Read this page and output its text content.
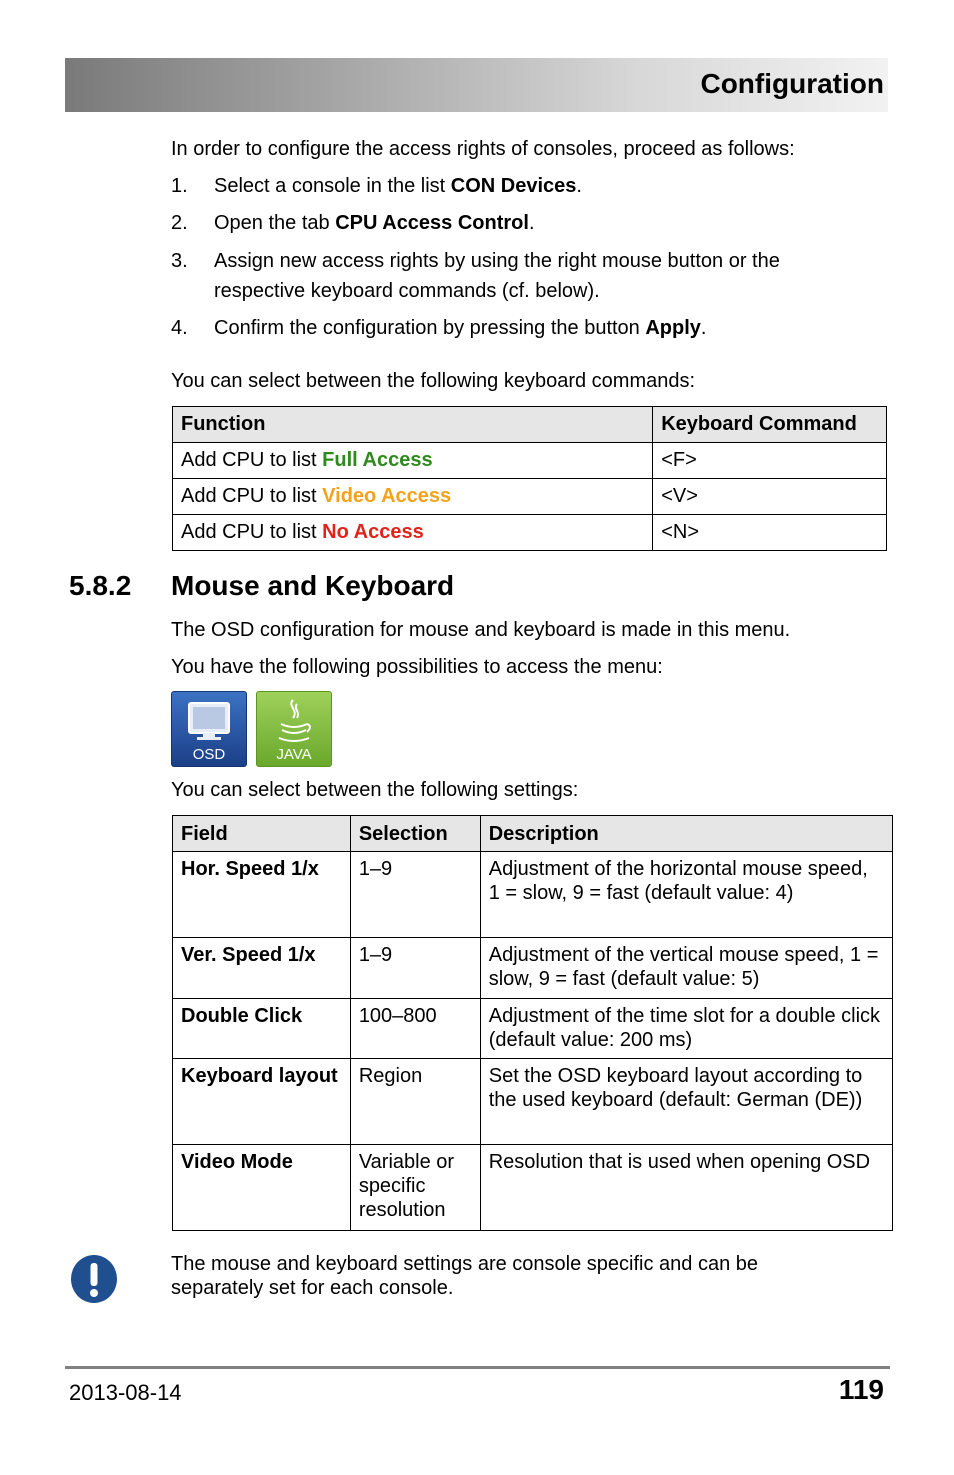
Configuration
In order to configure the access rights of consoles, proceed as follows:
1. Select a console in the list CON Devices.
2. Open the tab CPU Access Control.
3. Assign new access rights by using the right mouse button or the respective keyboard commands (cf. below).
4. Confirm the configuration by pressing the button Apply.
You can select between the following keyboard commands:
Function	Keyboard Command
Add CPU to list Full Access	<F>
Add CPU to list Video Access	<V>
Add CPU to list No Access	<N>
5.8.2 Mouse and Keyboard
The OSD configuration for mouse and keyboard is made in this menu.
You have the following possibilities to access the menu:
OSD	JAVA
You can select between the following settings:
Field	Selection	Description
Hor. Speed 1/x	1–9	Adjustment of the horizontal mouse speed, 1 = slow, 9 = fast (default value: 4)
Ver. Speed 1/x	1–9	Adjustment of the vertical mouse speed, 1 = slow, 9 = fast (default value: 5)
Double Click	100–800	Adjustment of the time slot for a double click (default value: 200 ms)
Keyboard layout	Region	Set the OSD keyboard layout according to the used keyboard (default: German (DE))
Video Mode	Variable or specific resolution	Resolution that is used when opening OSD
The mouse and keyboard settings are console specific and can be separately set for each console.
2013-08-14	119
